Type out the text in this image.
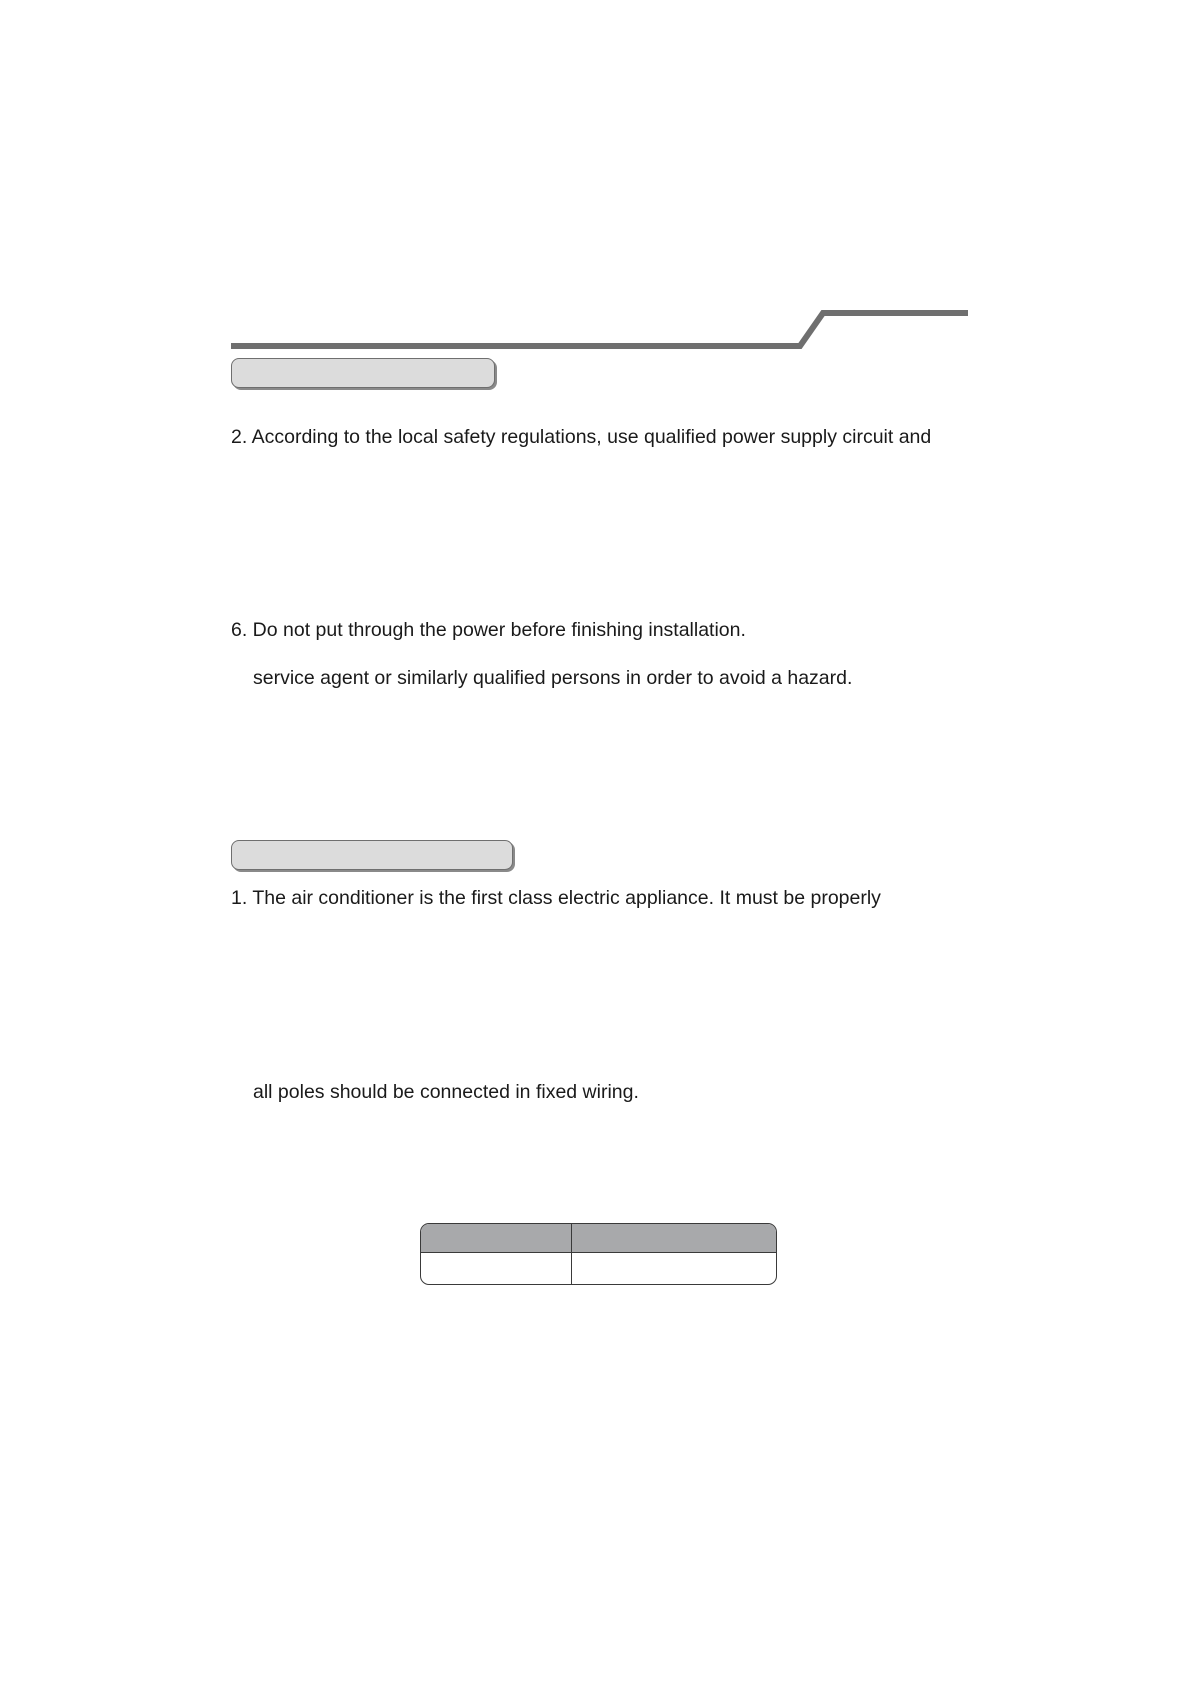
2. According to the local safety regulations, use qualified power supply circuit and

6. Do not put through the power before finishing installation.

service agent or similarly qualified persons in order to avoid a hazard.

1. The air conditioner is the first class electric appliance. It must be properly

all poles should be connected in fixed wiring.
